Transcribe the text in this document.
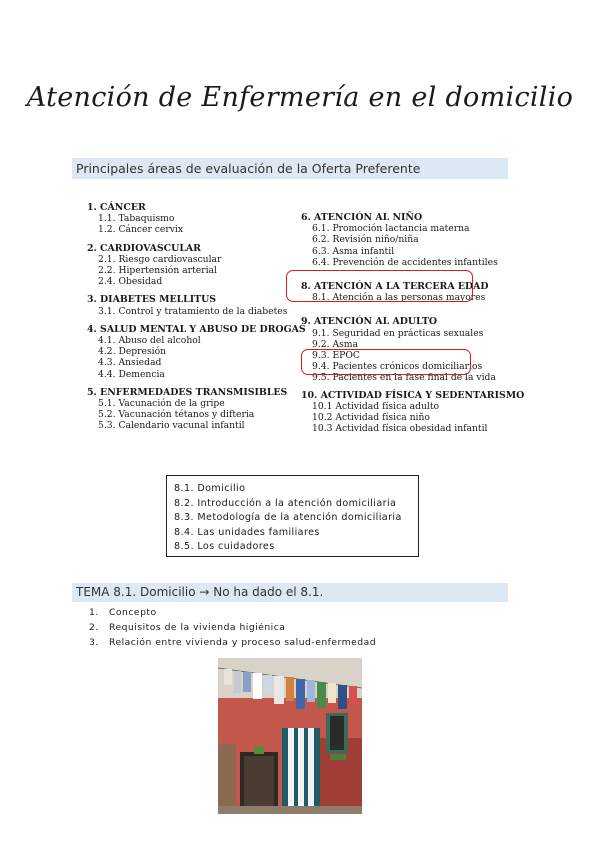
Atención de Enfermería en el domicilio
Principales áreas de evaluación de la Oferta Preferente
1. CÁNCER
1.1. Tabaquismo
1.2. Cáncer cervix
2. CARDIOVASCULAR
2.1. Riesgo cardiovascular
2.2. Hipertensión arterial
2.4. Obesidad
3. DIABETES MELLITUS
3.1. Control y tratamiento de la diabetes
4. SALUD MENTAL Y ABUSO DE DROGAS
4.1. Abuso del alcohol
4.2. Depresión
4.3. Ansiedad
4.4. Demencia
5. ENFERMEDADES TRANSMISIBLES
5.1. Vacunación de la gripe
5.2. Vacunación tétanos y difteria
5.3. Calendario vacunal infantil
6. ATENCIÓN AL NIÑO
6.1. Promoción lactancia materna
6.2. Revisión niño/niña
6.3. Asma infantil
6.4. Prevención de accidentes infantiles
8. ATENCIÓN A LA TERCERA EDAD
8.1. Atención a las personas mayores
9. ATENCIÓN AL ADULTO
9.1. Seguridad en prácticas sexuales
9.2. Asma
9.3. EPOC
9.4. Pacientes crónicos domiciliarios
9.5. Pacientes en la fase final de la vida
10. ACTIVIDAD FÍSICA Y SEDENTARISMO
10.1 Actividad física adulto
10.2 Actividad física niño
10.3 Actividad física obesidad infantil
8.1. Domicilio
8.2. Introducción a la atención domiciliaria
8.3. Metodología de la atención domiciliaria
8.4. Las unidades familiares
8.5. Los cuidadores
TEMA 8.1. Domicilio → No ha dado el 8.1.
1. Concepto
2. Requisitos de la vivienda higiénica
3. Relación entre vivienda y proceso salud-enfermedad
